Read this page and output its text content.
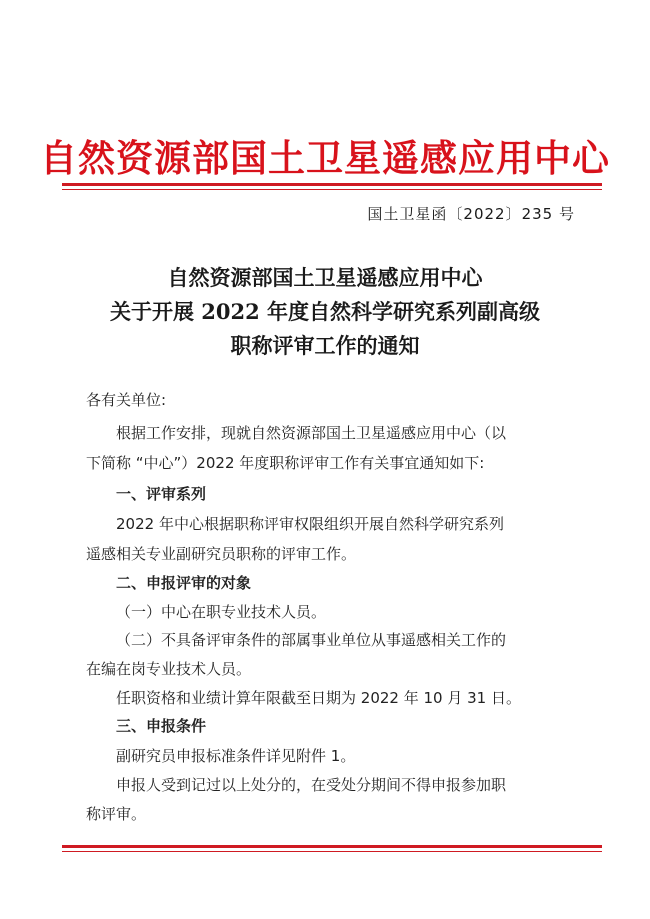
自然资源部国土卫星遥感应用中心
国土卫星函〔2022〕235 号
自然资源部国土卫星遥感应用中心
关于开展 2022 年度自然科学研究系列副高级
职称评审工作的通知
各有关单位:
根据工作安排，现就自然资源部国土卫星遥感应用中心（以
下简称 “中心”）2022 年度职称评审工作有关事宜通知如下:
一、评审系列
2022 年中心根据职称评审权限组织开展自然科学研究系列
遥感相关专业副研究员职称的评审工作。
二、申报评审的对象
（一）中心在职专业技术人员。
（二）不具备评审条件的部属事业单位从事遥感相关工作的
在编在岗专业技术人员。
任职资格和业绩计算年限截至日期为 2022 年 10 月 31 日。
三、申报条件
副研究员申报标准条件详见附件 1。
申报人受到记过以上处分的，在受处分期间不得申报参加职
称评审。
